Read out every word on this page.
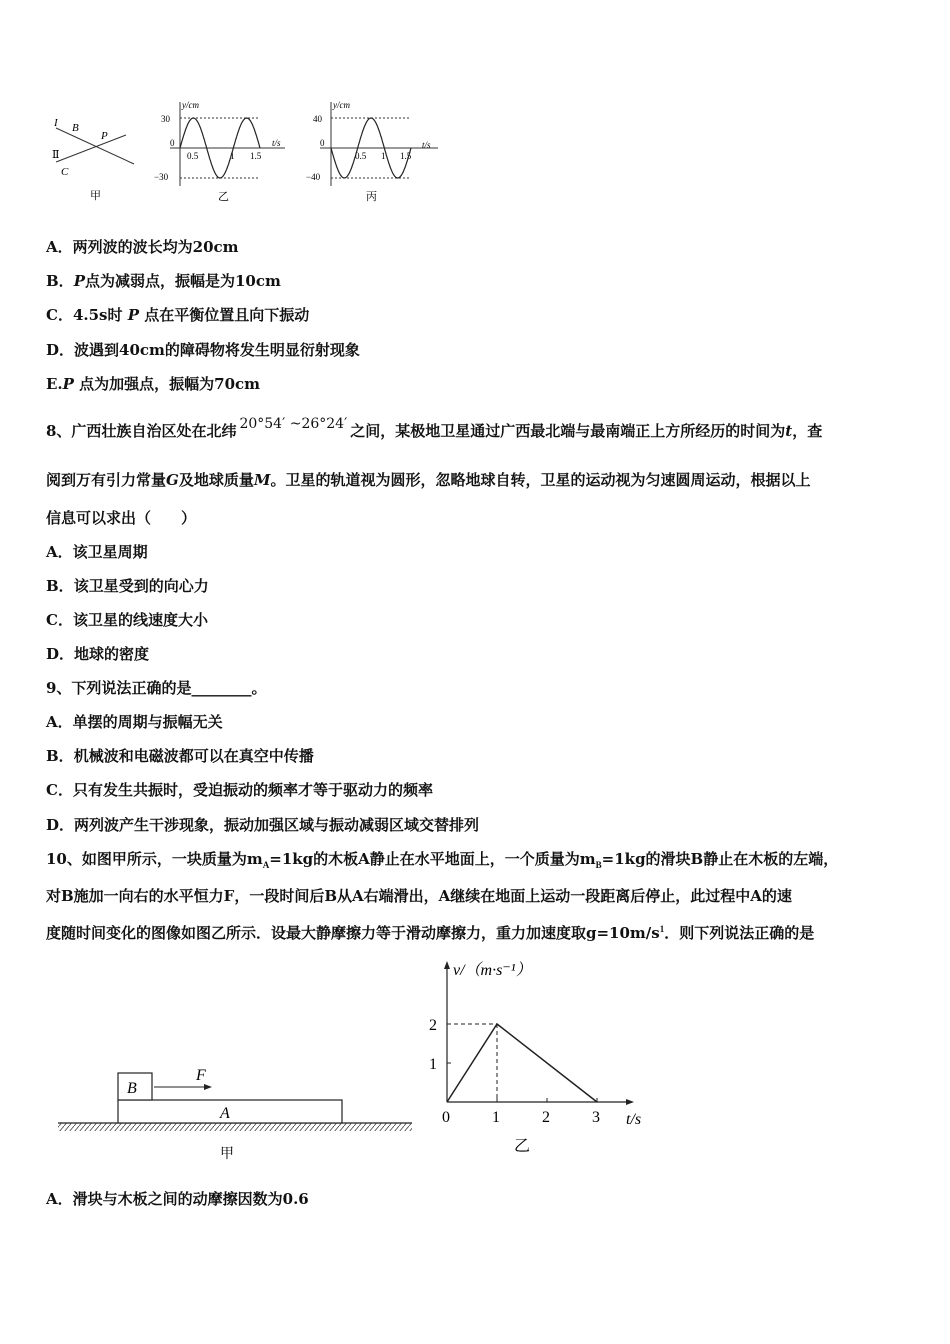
I B
P
Ⅱ
C
甲
y/cm
t/s
30
−30
0
0.5	1 1.5
乙
y/cm
t/s
40
−40
0
0.5 1 1.5
丙
A．两列波的波长均为20cm
B．P点为减弱点，振幅是为10cm
C．4.5s时 P 点在平衡位置且向下振动
D．波遇到40cm的障碍物将发生明显衍射现象
E.P 点为加强点，振幅为70cm
8、广西壮族自治区处在北纬 20°54′ ~26°24′ 之间，某极地卫星通过广西最北端与最南端正上方所经历的时间为t，查
阅到万有引力常量G及地球质量M。卫星的轨道视为圆形，忽略地球自转，卫星的运动视为匀速圆周运动，根据以上
信息可以求出（　　）
A．该卫星周期
B．该卫星受到的向心力
C．该卫星的线速度大小
D．地球的密度
9、下列说法正确的是________。
A．单摆的周期与振幅无关
B．机械波和电磁波都可以在真空中传播
C．只有发生共振时，受迫振动的频率才等于驱动力的频率
D．两列波产生干涉现象，振动加强区域与振动减弱区域交替排列
10、如图甲所示，一块质量为$m_A=1kg$的木板A静止在水平地面上，一个质量为$m_B=1kg$的滑块B静止在木板的左端，
对B施加一向右的水平恒力F，一段时间后B从A右端滑出，A继续在地面上运动一段距离后停止，此过程中A的速
度随时间变化的图像如图乙所示．设最大静摩擦力等于滑动摩擦力，重力加速度取$g=10m/s^1$．则下列说法正确的是
B
F
A
甲
v/（m·s⁻¹）
t/s
0	1	2	3
2
1
乙
A．滑块与木板之间的动摩擦因数为0.6
